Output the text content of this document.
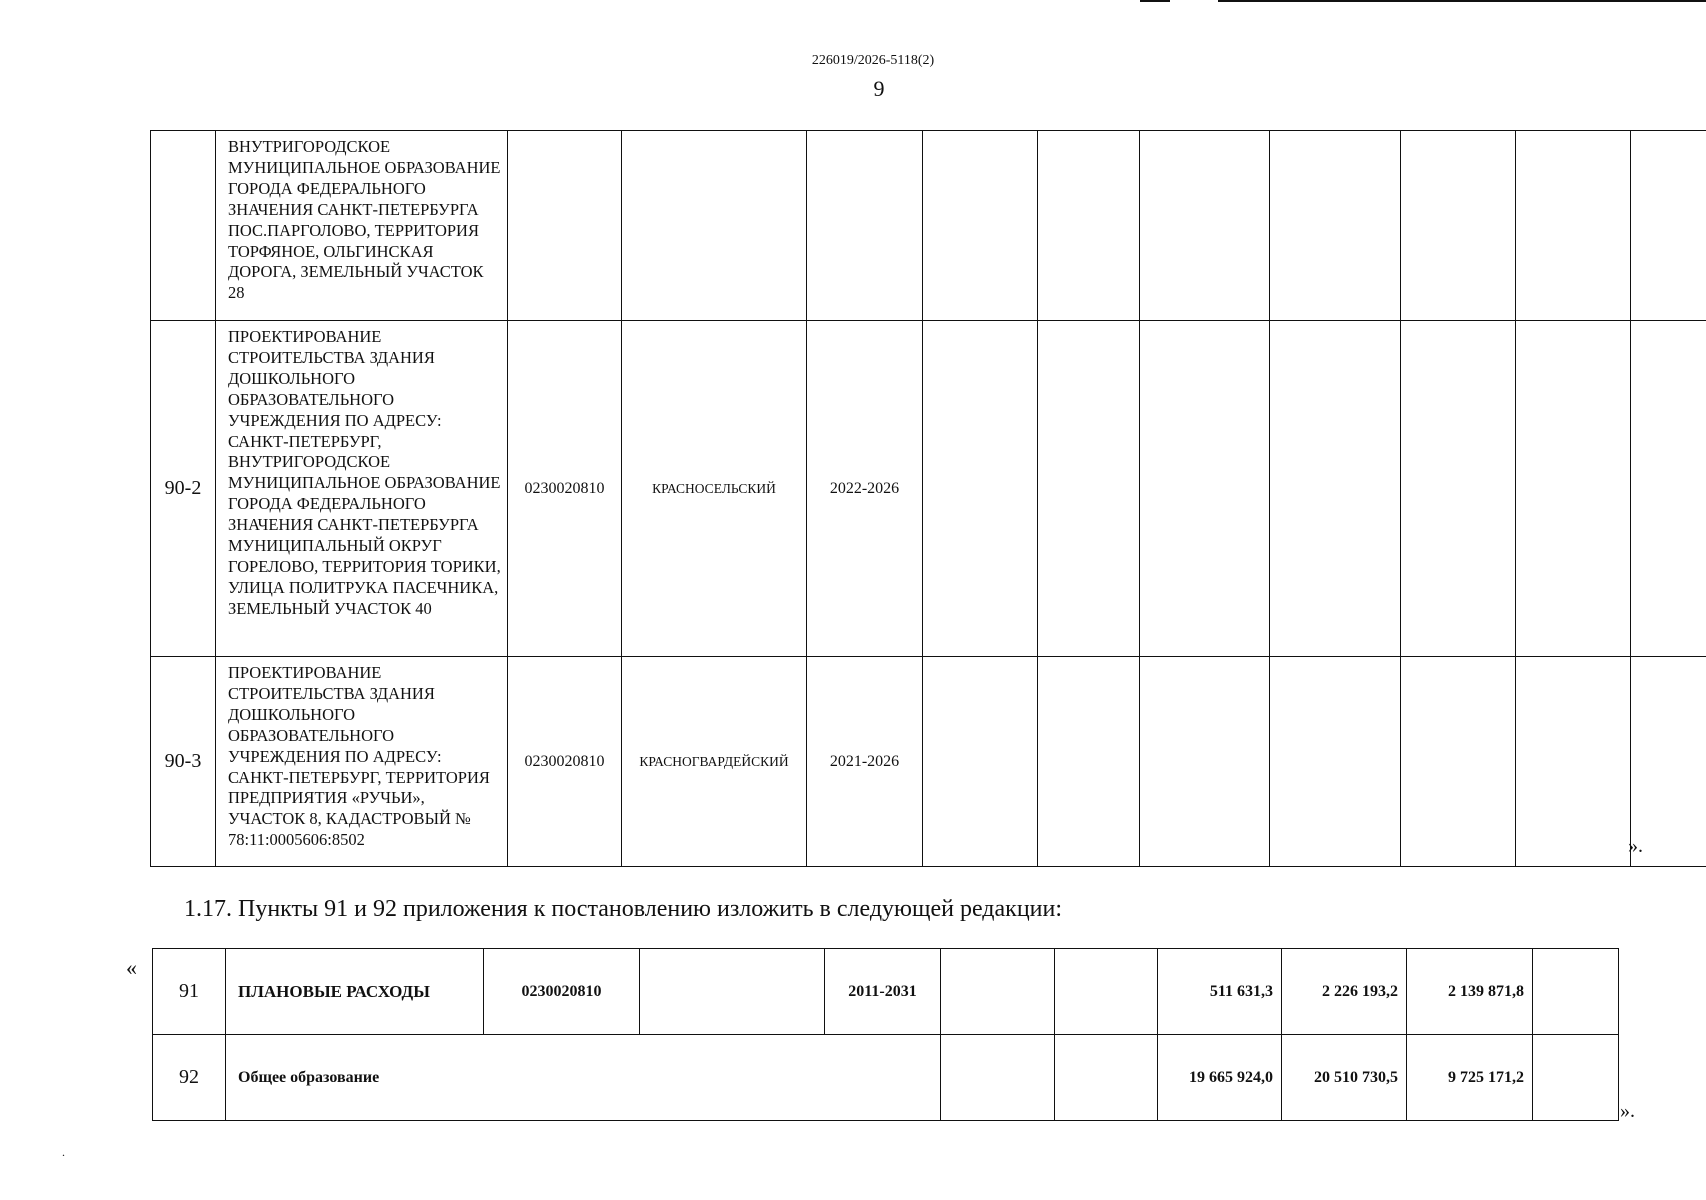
226019/2026-5118(2)
9
	ВНУТРИГОРОДСКОЕ МУНИЦИПАЛЬНОЕ ОБРАЗОВАНИЕ ГОРОДА ФЕДЕРАЛЬНОГО ЗНАЧЕНИЯ САНКТ-ПЕТЕРБУРГА ПОС.ПАРГОЛОВО, ТЕРРИТОРИЯ ТОРФЯНОЕ, ОЛЬГИНСКАЯ ДОРОГА, ЗЕМЕЛЬНЫЙ УЧАСТОК 28										
90-2	ПРОЕКТИРОВАНИЕ СТРОИТЕЛЬСТВА ЗДАНИЯ ДОШКОЛЬНОГО ОБРАЗОВАТЕЛЬНОГО УЧРЕЖДЕНИЯ ПО АДРЕСУ: САНКТ-ПЕТЕРБУРГ, ВНУТРИГОРОДСКОЕ МУНИЦИПАЛЬНОЕ ОБРАЗОВАНИЕ ГОРОДА ФЕДЕРАЛЬНОГО ЗНАЧЕНИЯ САНКТ-ПЕТЕРБУРГА МУНИЦИПАЛЬНЫЙ ОКРУГ ГОРЕЛОВО, ТЕРРИТОРИЯ ТОРИКИ, УЛИЦА ПОЛИТРУКА ПАСЕЧНИКА, ЗЕМЕЛЬНЫЙ УЧАСТОК 40	0230020810	КРАСНОСЕЛЬСКИЙ	2022-2026							
90-3	ПРОЕКТИРОВАНИЕ СТРОИТЕЛЬСТВА ЗДАНИЯ ДОШКОЛЬНОГО ОБРАЗОВАТЕЛЬНОГО УЧРЕЖДЕНИЯ ПО АДРЕСУ: САНКТ-ПЕТЕРБУРГ, ТЕРРИТОРИЯ ПРЕДПРИЯТИЯ «РУЧЬИ», УЧАСТОК 8, КАДАСТРОВЫЙ № 78:11:0005606:8502	0230020810	КРАСНОГВАРДЕЙСКИЙ	2021-2026							
».
1.17. Пункты 91 и 92 приложения к постановлению изложить в следующей редакции:
«
91	ПЛАНОВЫЕ РАСХОДЫ	0230020810		2011-2031			511 631,3	2 226 193,2	2 139 871,8	
92	Общее образование						19 665 924,0	20 510 730,5	9 725 171,2	
».
.
